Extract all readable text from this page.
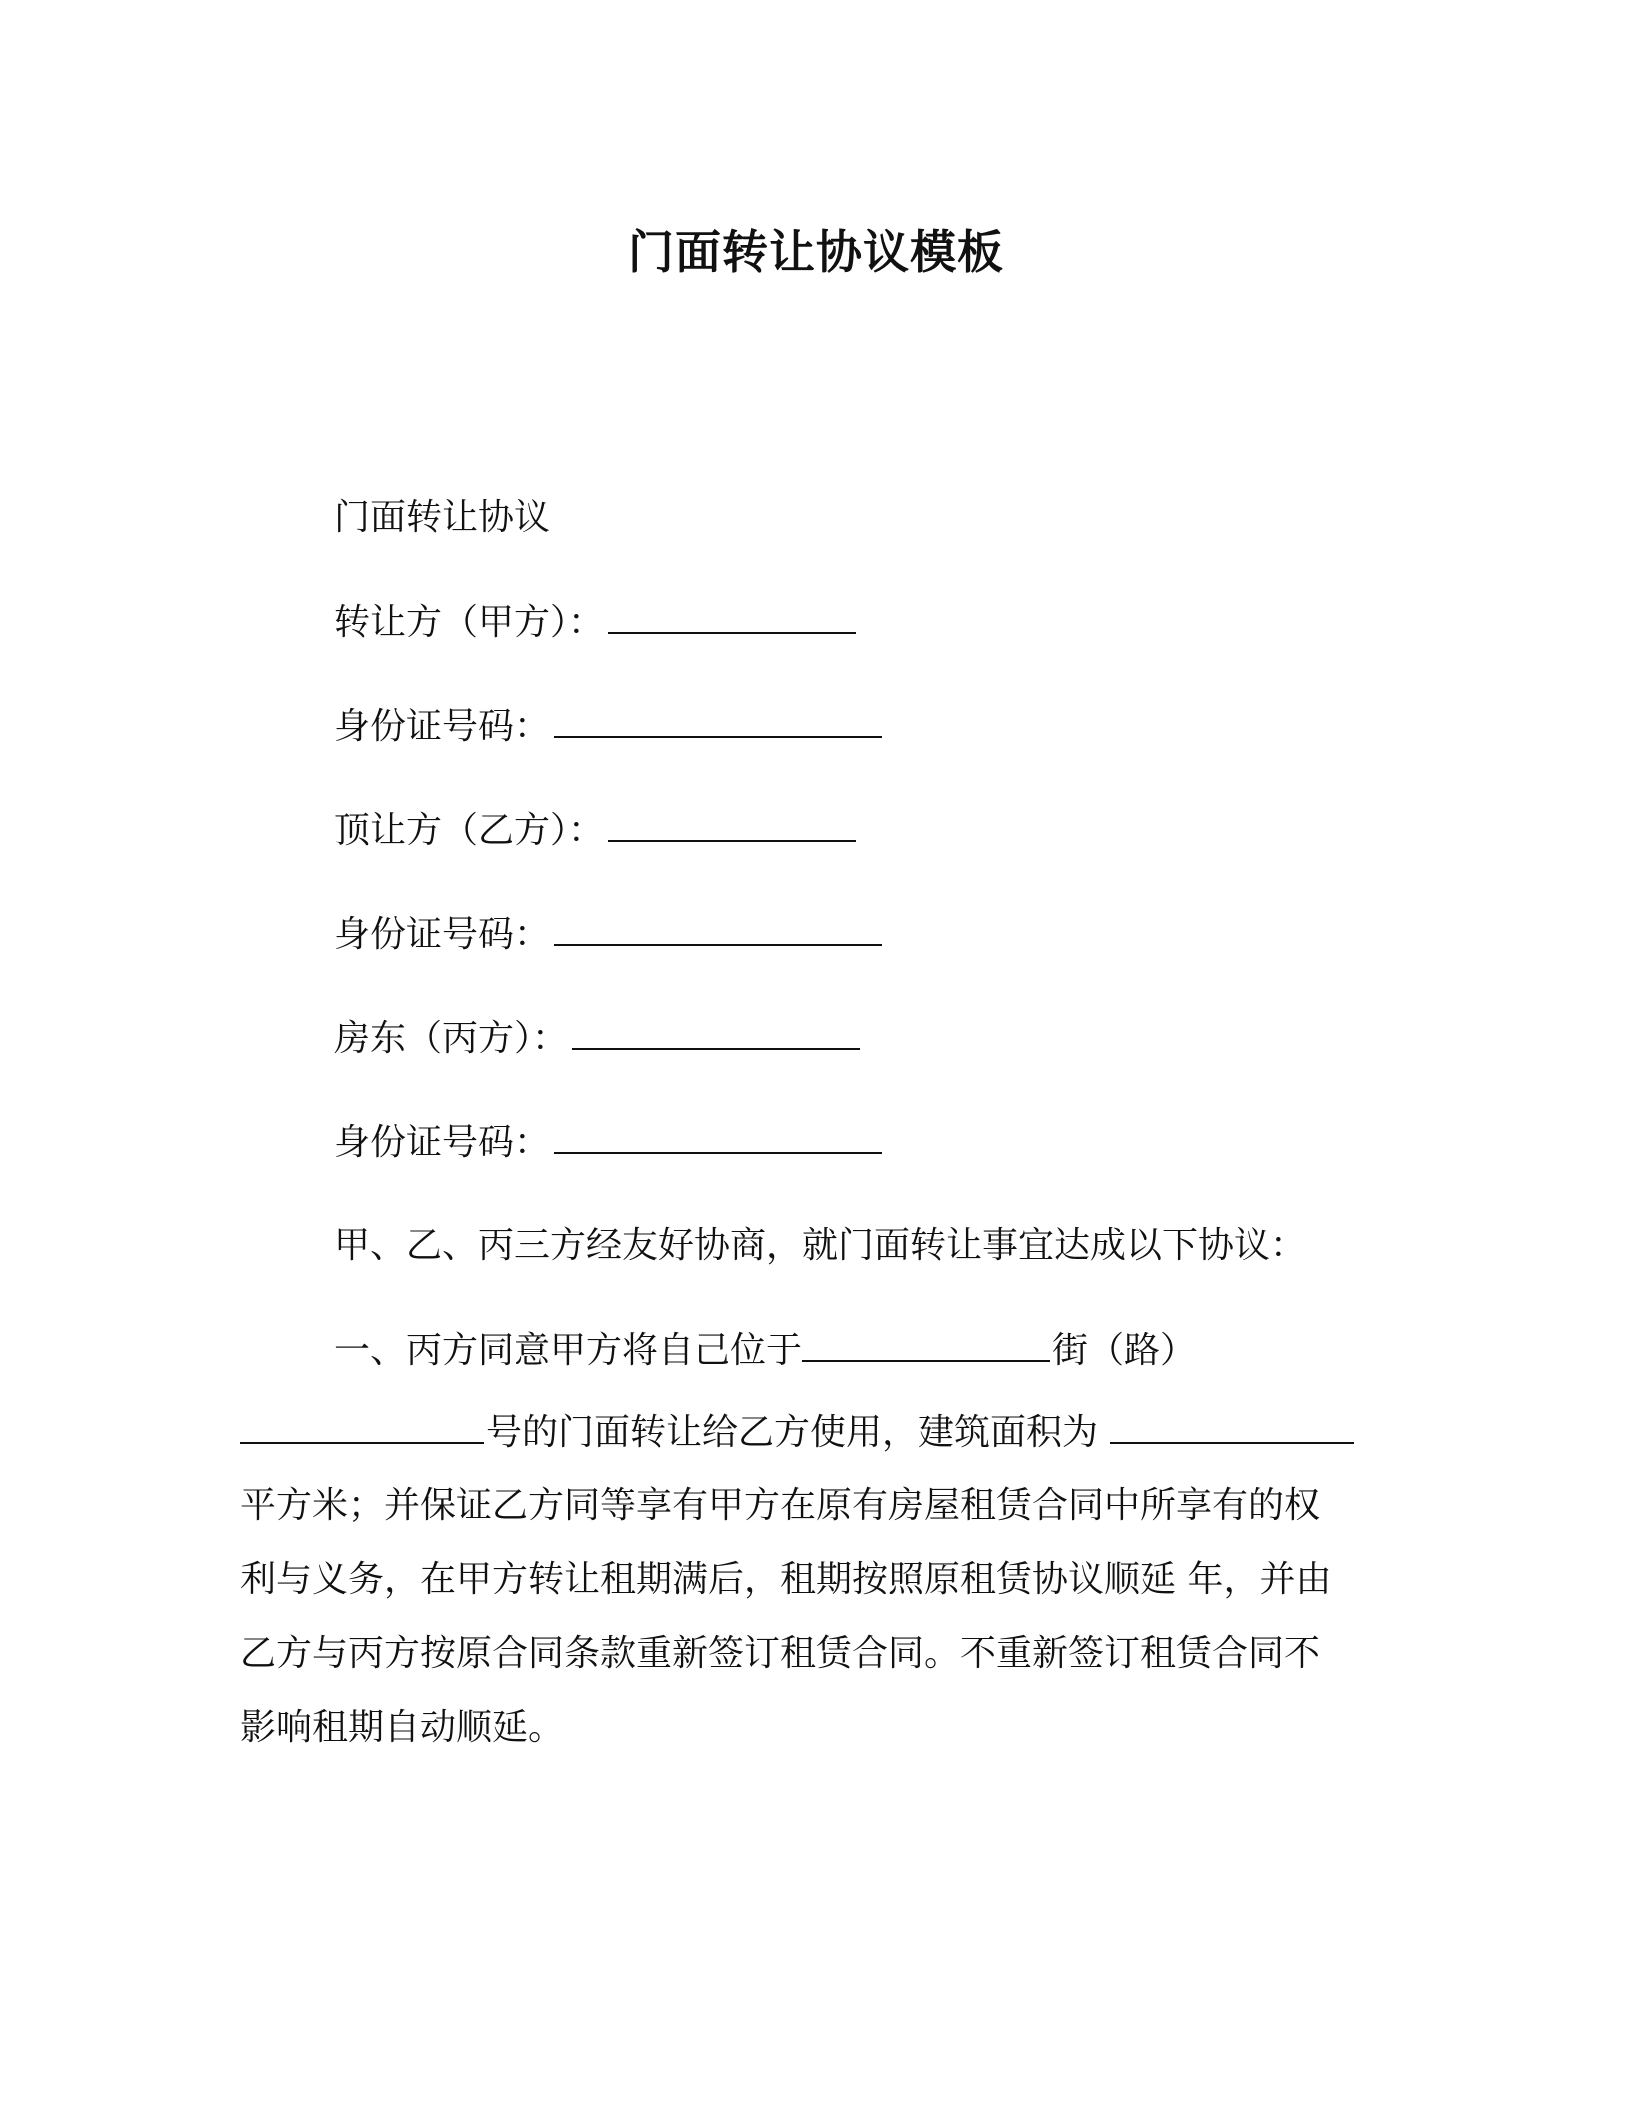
门面转让协议模板
门面转让协议
转让方（甲方）：
身份证号码：
顶让方（乙方）：
身份证号码：
房东（丙方）：
身份证号码：
甲、乙、丙三方经友好协商，就门面转让事宜达成以下协议：
一、丙方同意甲方将自己位于	街（路）
号的门面转让给乙方使用，建筑面积为
平方米；并保证乙方同等享有甲方在原有房屋租赁合同中所享有的权
利与义务，在甲方转让租期满后，租期按照原租赁协议顺延 年，并由
乙方与丙方按原合同条款重新签订租赁合同。不重新签订租赁合同不
影响租期自动顺延。
